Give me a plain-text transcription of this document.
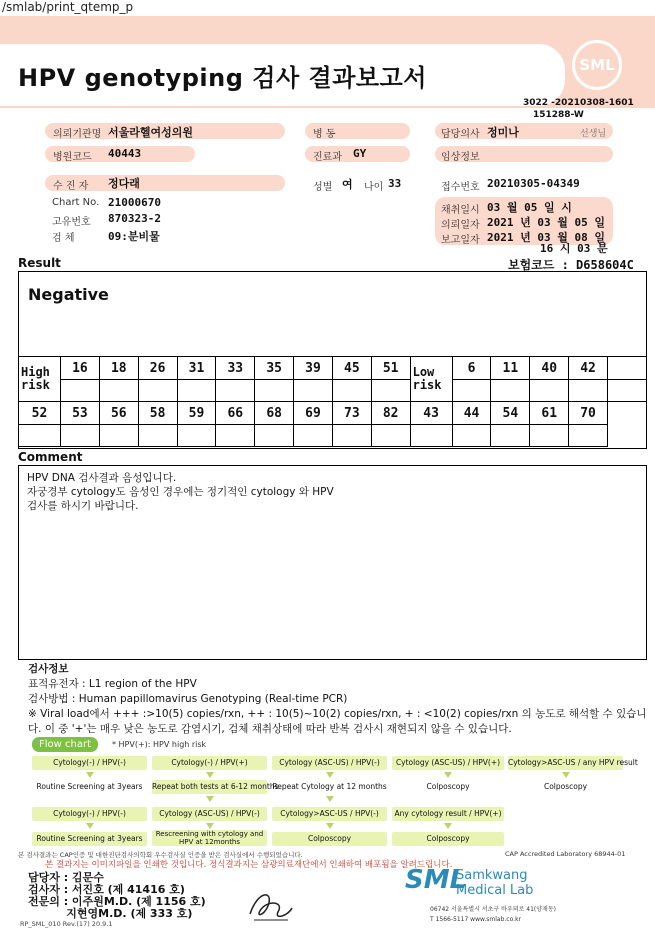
/smlab/print_qtemp_p
HPV genotyping 검사 결과보고서	SML
3022 -20210308-1601
151288-W
의뢰기관명 서울라헬여성의원
병원코드 40443
병 동
진료과 GY
담당의사 정미나	선생님
임상정보
수 진 자 정다래	성별 여 나이 33	접수번호 20210305-04349
Chart No. 21000670
고유번호 870323-2
검 체	09:분비물
채취일시 03 월 05 일 시
의뢰일자 2021 년 03 월 05 일
보고일자 2021 년 03 월 08 일
16 시 03 분
Result	보험코드 : D658604C
Negative
High risk	16	18	26	31	33	35	39	45	51	Low risk	6	11	40	42	

52	53	56	58	59	66	68	69	73	82	43	44	54	61	70	

Comment
HPV DNA 검사결과 음성입니다.
자궁경부 cytology도 음성인 경우에는 정기적인 cytology 와 HPV
검사를 하시기 바랍니다.
검사정보
표적유전자 : L1 region of the HPV
검사방법 : Human papillomavirus Genotyping (Real-time PCR)
※ Viral load에서 +++ :>10(5) copies/rxn, ++ : 10(5)~10(2) copies/rxn, + : <10(2) copies/rxn 의 농도로 해석할 수 있습니다. 이 중 '+'는 매우 낮은 농도로 감염시기, 검체 채취상태에 따라 반복 검사시 재현되지 않을 수 있습니다.
Flow chart	* HPV(+): HPV high risk
Cytology(-) / HPV(-)	Cytology(-) / HPV(+)	Cytology (ASC-US) / HPV(-)	Cytology (ASC-US) / HPV(+)	Cytology>ASC-US / any HPV result
Routine Screening at 3years	Repeat both tests at 6-12 months
Repeat Cytology at 12 months	Colposcopy	Colposcopy
Cytology(-) / HPV(-)	Cytology (ASC-US) / HPV(-)	Cytology>ASC-US / HPV(-)	Any cytology result / HPV(+)
Routine Screening at 3years	Rescreening with cytology and HPV at 12months	Colposcopy	Colposcopy
본 검사결과는 CAP인증 및 대한진단검사의학회 우수검사실 인증을 받은 검사실에서 수행되었습니다.	CAP Accredited Laboratory 68944-01
본 결과지는 이미지파일을 인쇄한 것입니다. 정식결과지는 삼광의료재단에서 인쇄하여 배포됨을 알려드립니다.
담당자 : 김문수
검사자 : 서진호 (제 41416 호)
전문의 : 이주원M.D. (제 1156 호)
지현영M.D. (제 333 호)
RP_SML_010 Rev.(17) 20.9.1
SML
Samkwang
Medical Lab
06742 서울특별시 서초구 바우뫼로 41(양재동)
T 1566-5117 www.smlab.co.kr
